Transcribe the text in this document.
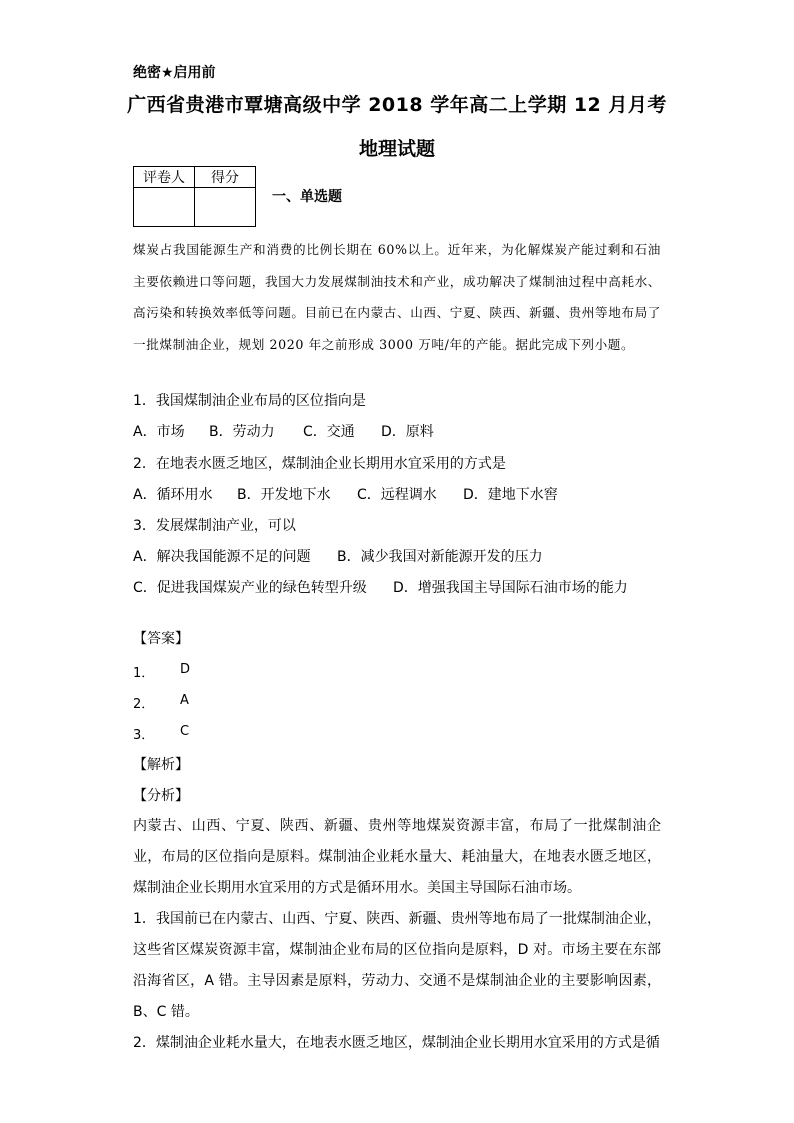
绝密★启用前
广西省贵港市覃塘高级中学 2018 学年高二上学期 12 月月考
地理试题
评卷人	得分

一、单选题
煤炭占我国能源生产和消费的比例长期在 60%以上。近年来，为化解煤炭产能过剩和石油主要依赖进口等问题，我国大力发展煤制油技术和产业，成功解决了煤制油过程中高耗水、高污染和转换效率低等问题。目前已在内蒙古、山西、宁夏、陕西、新疆、贵州等地布局了一批煤制油企业，规划 2020 年之前形成 3000 万吨/年的产能。据此完成下列小题。
1．我国煤制油企业布局的区位指向是
A．市场 B．劳动力 C．交通 D．原料
2．在地表水匮乏地区，煤制油企业长期用水宜采用的方式是
A．循环用水 B．开发地下水 C．远程调水 D．建地下水窖
3．发展煤制油产业，可以
A．解决我国能源不足的问题 B．减少我国对新能源开发的压力
C．促进我国煤炭产业的绿色转型升级 D．增强我国主导国际石油市场的能力
【答案】
1． D
2． A
3． C
【解析】
【分析】
内蒙古、山西、宁夏、陕西、新疆、贵州等地煤炭资源丰富，布局了一批煤制油企业，布局的区位指向是原料。煤制油企业耗水量大、耗油量大，在地表水匮乏地区，煤制油企业长期用水宜采用的方式是循环用水。美国主导国际石油市场。
1．我国前已在内蒙古、山西、宁夏、陕西、新疆、贵州等地布局了一批煤制油企业，这些省区煤炭资源丰富，煤制油企业布局的区位指向是原料，D 对。市场主要在东部沿海省区，A 错。主导因素是原料，劳动力、交通不是煤制油企业的主要影响因素，B、C 错。
2．煤制油企业耗水量大，在地表水匮乏地区，煤制油企业长期用水宜采用的方式是循
